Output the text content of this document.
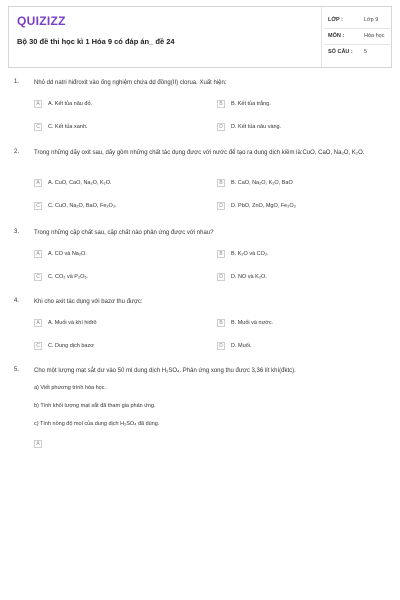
QUIZIZZ
Bộ 30 đề thi học kì 1 Hóa 9 có đáp án_ đề 24
LỚP :	Lớp 9
MÔN :	Hóa học
SỐ CÂU : 5
1. Nhỏ dd natri hiđroxit vào ống nghiệm chứa dd đồng(II) clorua. Xuất hiện:
A	A. Kết tủa nâu đỏ.	B	B. Kết tủa trắng.
C	C. Kết tủa xanh.	D	D. Kết tủa nâu vàng.
2. Trong những dãy oxit sau, dãy gồm những chất tác dụng được với nước để tạo ra dung dịch kiềm là:CuO, CaO, Na₂O, K₂O.
A	A. CuO, CaO, Na₂O, K₂O.	B	B. CaO, Na₂O, K₂O, BaO
C	C. CuO, Na₂O, BaO, Fe₂O₃.	D	D. PbO, ZnO, MgO, Fe₂O₃
3. Trong những cặp chất sau, cặp chất nào phản ứng được với nhau?
A	A. CO và Na₂O.	B	B. K₂O và CO₂.
C	C. CO₂ và P₂O₅.	D	D. NO và K₂O.
4. Khi cho axit tác dụng với bazơ thu được:
A	A. Muối và khí hiđrô	B	B. Muối và nước.
C	C. Dung dịch bazơ	D	D. Muối.
5. Cho một lượng mạt sắt dư vào 50 ml dung dịch H₂SO₄. Phản ứng xong thu được 3,36 lít khí(đktc).
a) Viết phương trình hóa học.
b) Tính khối lượng mạt sắt đã tham gia phản ứng.
c) Tính nồng độ mol của dung dịch H₂SO₄ đã dùng.
A
